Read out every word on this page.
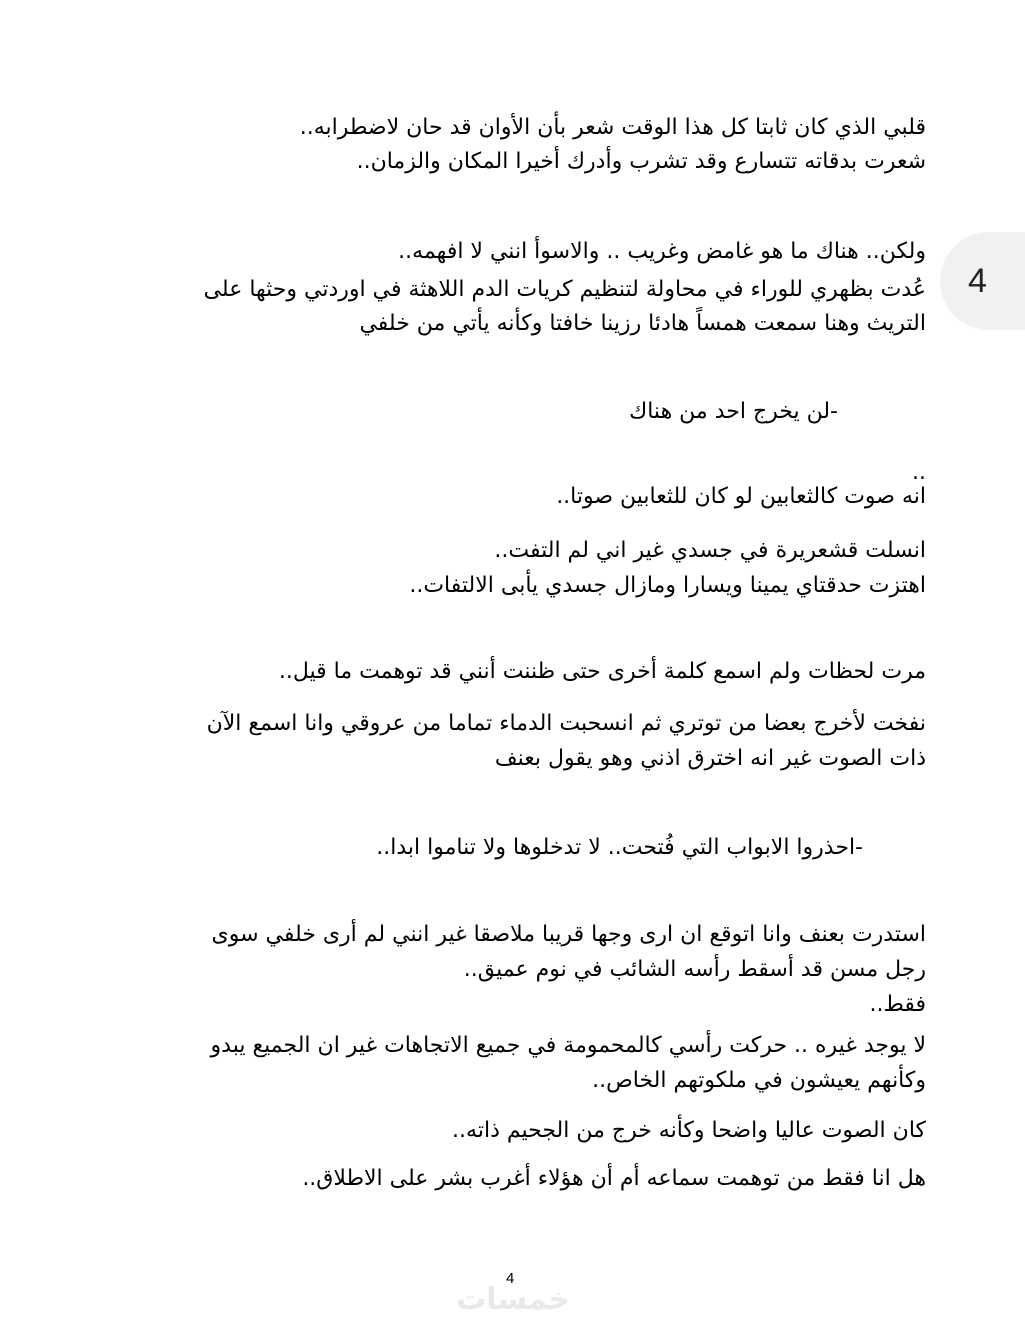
4
قلبي الذي كان ثابتا كل هذا الوقت شعر بأن الأوان قد حان لاضطرابه..
شعرت بدقاته تتسارع وقد تشرب وأدرك أخيرا المكان والزمان..
ولكن.. هناك ما هو غامض وغريب .. والاسوأ انني لا افهمه..
عُدت بظهري للوراء في محاولة لتنظيم كريات الدم اللاهثة في اوردتي وحثها على
التريث وهنا سمعت همساً هادئا رزينا خافتا وكأنه يأتي من خلفي
-لن يخرج احد من هناك
..
انه صوت كالثعابين لو كان للثعابين صوتا..
انسلت قشعريرة في جسدي غير اني لم التفت..
اهتزت حدقتاي يمينا ويسارا ومازال جسدي يأبى الالتفات..
مرت لحظات ولم اسمع كلمة أخرى حتى ظننت أنني قد توهمت ما قيل..
نفخت لأخرج بعضا من توتري ثم انسحبت الدماء تماما من عروقي وانا اسمع الآن
ذات الصوت غير انه اخترق اذني وهو يقول بعنف
-احذروا الابواب التي فُتحت.. لا تدخلوها ولا تناموا ابدا..
استدرت بعنف وانا اتوقع ان ارى وجها قريبا ملاصقا غير انني لم أرى خلفي سوى
رجل مسن قد أسقط رأسه الشائب في نوم عميق..
فقط..
لا يوجد غيره .. حركت رأسي كالمحمومة في جميع الاتجاهات غير ان الجميع يبدو
وكأنهم يعيشون في ملكوتهم الخاص..
كان الصوت عاليا واضحا وكأنه خرج من الجحيم ذاته..
هل انا فقط من توهمت سماعه أم أن هؤلاء أغرب بشر على الاطلاق..
4
خمسات
